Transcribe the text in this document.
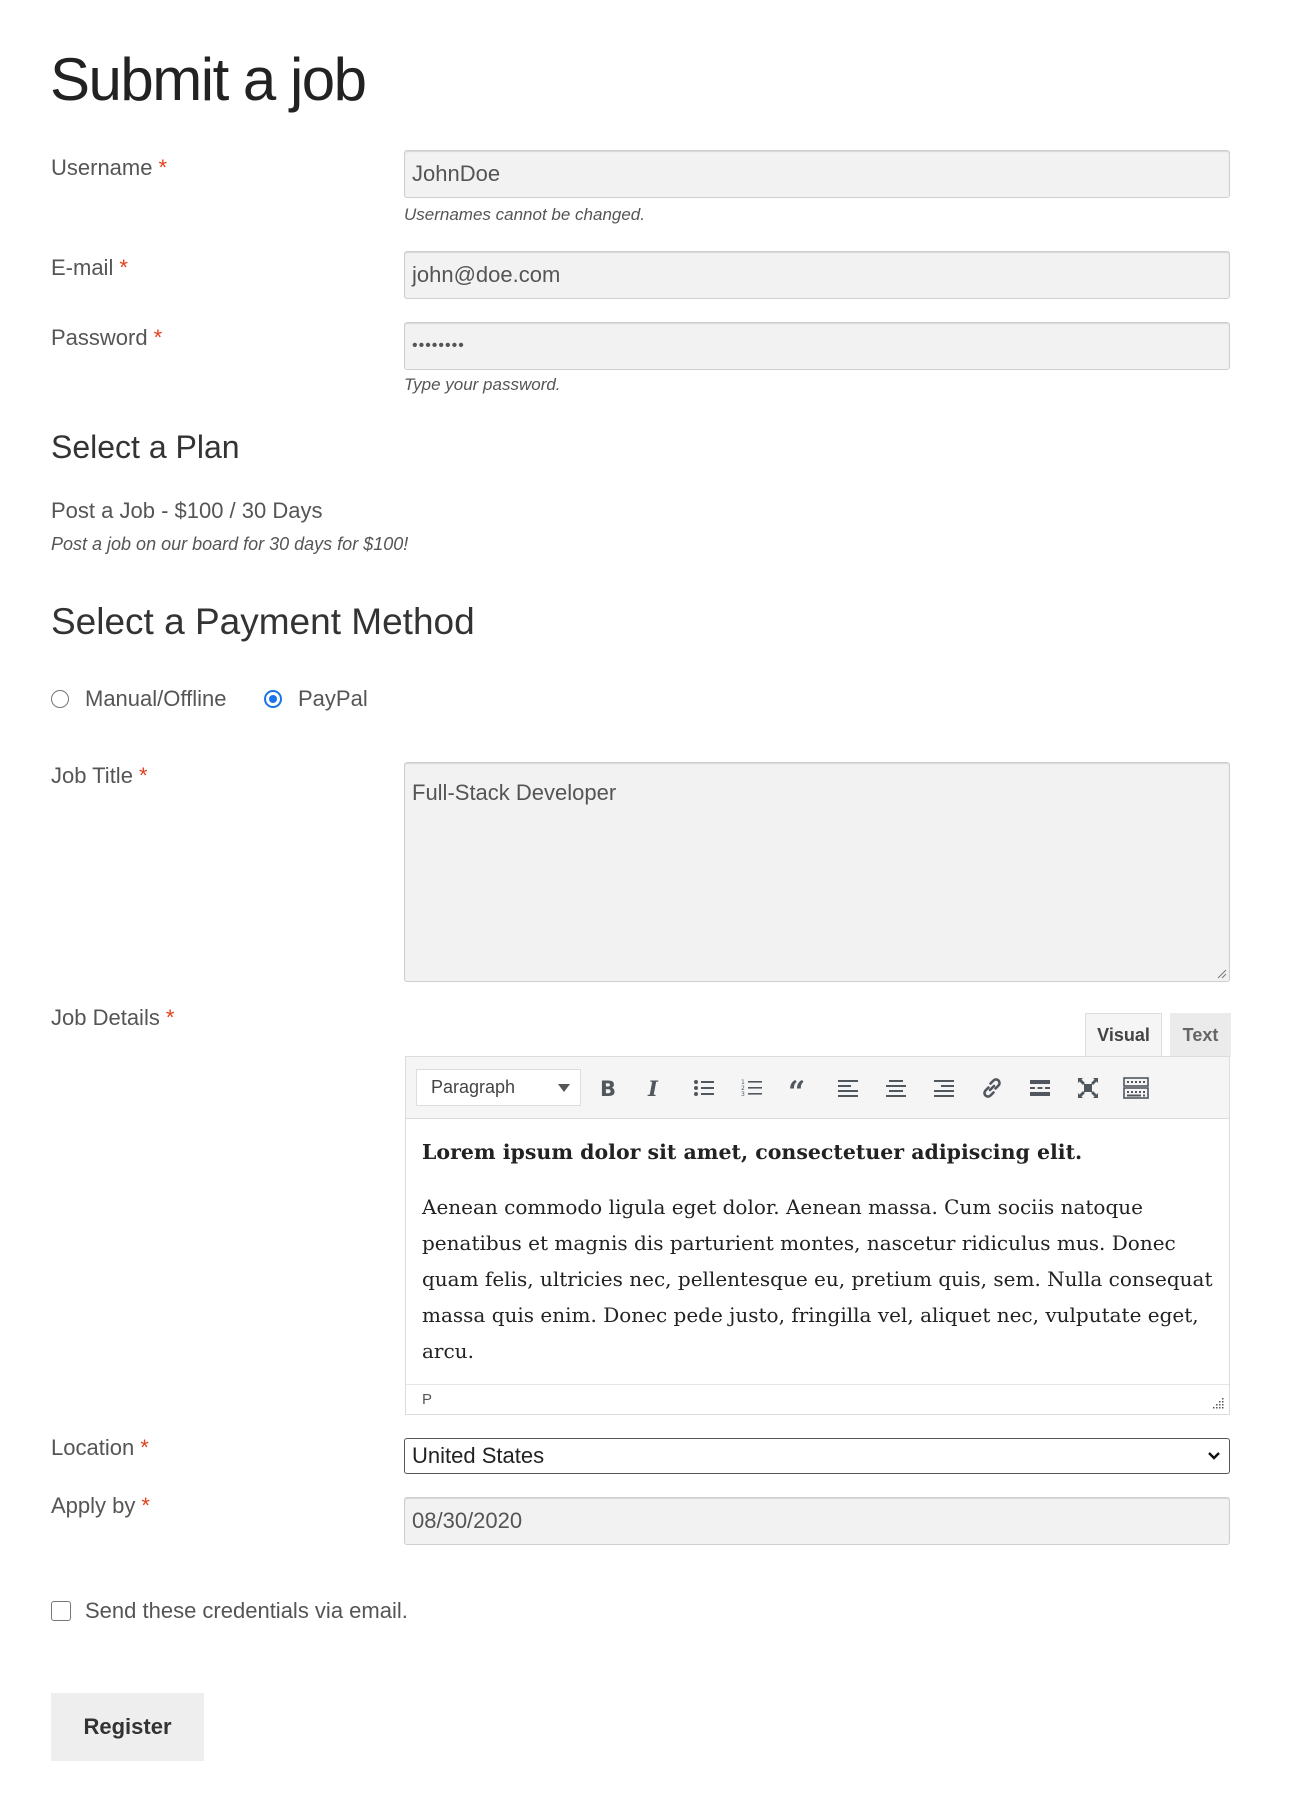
Submit a job
Username *	JohnDoe
Usernames cannot be changed.
E-mail *	john@doe.com
Password *	••••••••
Type your password.
Select a Plan
Post a Job - $100 / 30 Days
Post a job on our board for 30 days for $100!
Select a Payment Method
Manual/Offline	PayPal
Job Title *
Full-Stack Developer
Job Details *
Visual	Text
Paragraph	B I	1
2
3 “

Lorem ipsum dolor sit amet, consectetuer adipiscing elit.

Aenean commodo ligula eget dolor. Aenean massa. Cum sociis natoque penatibus et magnis dis parturient montes, nascetur ridiculus mus. Donec quam felis, ultricies nec, pellentesque eu, pretium quis, sem. Nulla consequat massa quis enim. Donec pede justo, fringilla vel, aliquet nec, vulputate eget, arcu.

P
Location *	United States
Apply by *
08/30/2020
Send these credentials via email.
Register
